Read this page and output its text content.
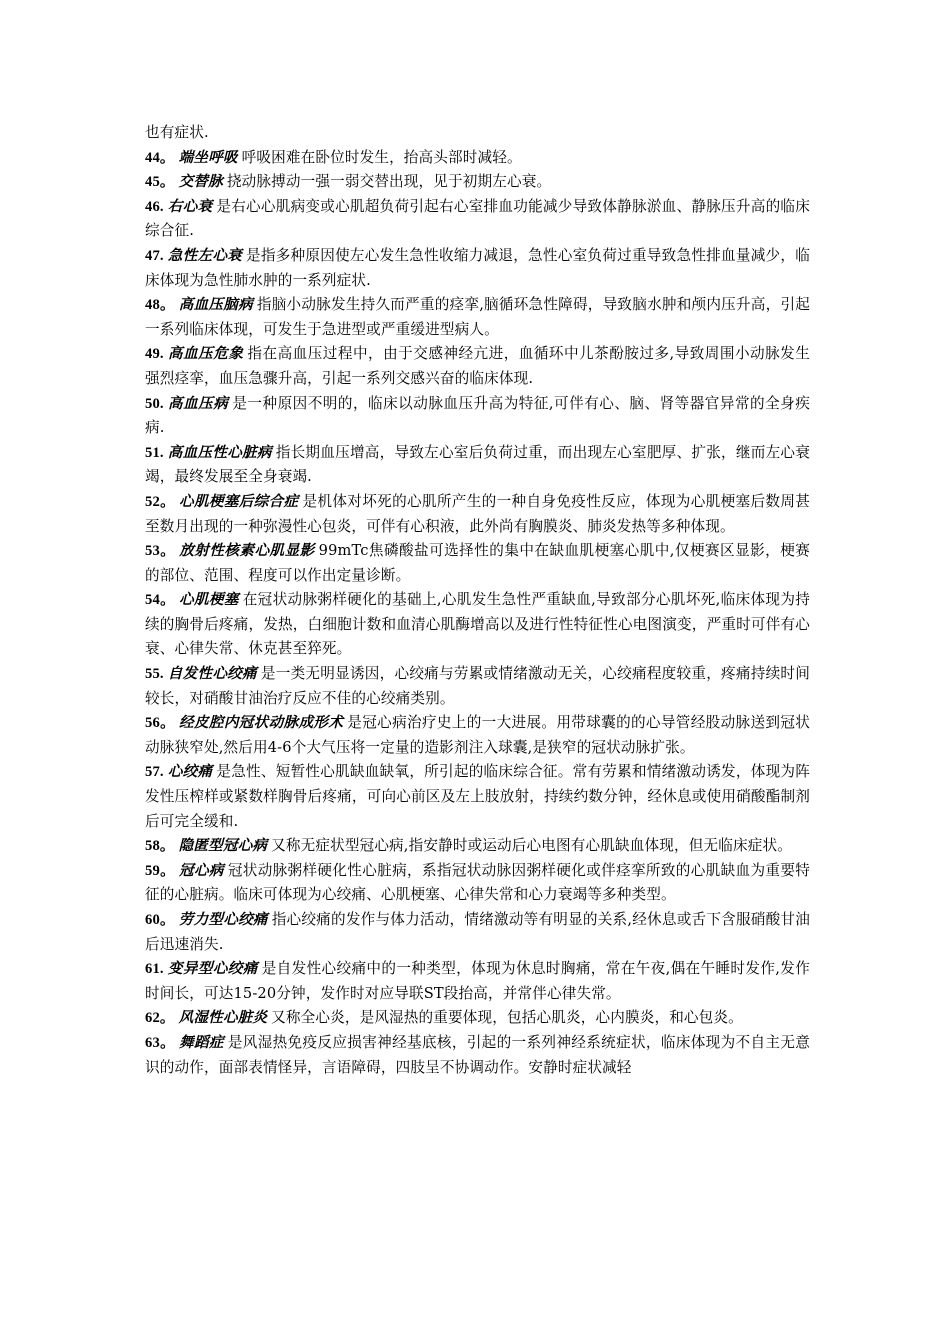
也有症状.

44。 端坐呼吸 呼吸困难在卧位时发生，抬高头部时减轻。

45。 交替脉 挠动脉搏动一强一弱交替出现，见于初期左心衰。

46. 右心衰 是右心心肌病变或心肌超负荷引起右心室排血功能减少导致体静脉淤血、静脉压升高的临床综合征.

47. 急性左心衰 是指多种原因使左心发生急性收缩力减退，急性心室负荷过重导致急性排血量减少，临床体现为急性肺水肿的一系列症状.

48。 高血压脑病 指脑小动脉发生持久而严重的痉挛,脑循环急性障碍，导致脑水肿和颅内压升高，引起一系列临床体现，可发生于急进型或严重缓进型病人。

49. 高血压危象 指在高血压过程中，由于交感神经亢进，血循环中儿茶酚胺过多,导致周围小动脉发生强烈痉挛，血压急骤升高，引起一系列交感兴奋的临床体现.

50. 高血压病 是一种原因不明的，临床以动脉血压升高为特征,可伴有心、脑、肾等器官异常的全身疾病.

51. 高血压性心脏病 指长期血压增高，导致左心室后负荷过重，而出现左心室肥厚、扩张，继而左心衰竭，最终发展至全身衰竭.

52。 心肌梗塞后综合症 是机体对坏死的心肌所产生的一种自身免疫性反应，体现为心肌梗塞后数周甚至数月出现的一种弥漫性心包炎，可伴有心积液，此外尚有胸膜炎、肺炎发热等多种体现。

53。 放射性核素心肌显影 99mTc焦磷酸盐可选择性的集中在缺血肌梗塞心肌中,仅梗赛区显影，梗赛的部位、范围、程度可以作出定量诊断。

54。 心肌梗塞 在冠状动脉粥样硬化的基础上,心肌发生急性严重缺血,导致部分心肌坏死,临床体现为持续的胸骨后疼痛，发热，白细胞计数和血清心肌酶增高以及进行性特征性心电图演变，严重时可伴有心衰、心律失常、休克甚至猝死。

55. 自发性心绞痛 是一类无明显诱因，心绞痛与劳累或情绪激动无关，心绞痛程度较重，疼痛持续时间较长，对硝酸甘油治疗反应不佳的心绞痛类别。

56。 经皮腔内冠状动脉成形术 是冠心病治疗史上的一大进展。用带球囊的的心导管经股动脉送到冠状动脉狭窄处,然后用4-6个大气压将一定量的造影剂注入球囊,是狭窄的冠状动脉扩张。

57. 心绞痛 是急性、短暂性心肌缺血缺氧，所引起的临床综合征。常有劳累和情绪激动诱发，体现为阵发性压榨样或紧数样胸骨后疼痛，可向心前区及左上肢放射，持续约数分钟，经休息或使用硝酸酯制剂后可完全缓和.

58。 隐匿型冠心病 又称无症状型冠心病,指安静时或运动后心电图有心肌缺血体现，但无临床症状。

59。 冠心病 冠状动脉粥样硬化性心脏病，系指冠状动脉因粥样硬化或伴痉挛所致的心肌缺血为重要特征的心脏病。临床可体现为心绞痛、心肌梗塞、心律失常和心力衰竭等多种类型。

60。 劳力型心绞痛 指心绞痛的发作与体力活动，情绪激动等有明显的关系,经休息或舌下含服硝酸甘油后迅速消失.

61. 变异型心绞痛 是自发性心绞痛中的一种类型，体现为休息时胸痛，常在午夜,偶在午睡时发作,发作时间长，可达15-20分钟，发作时对应导联ST段抬高，并常伴心律失常。

62。 风湿性心脏炎 又称全心炎，是风湿热的重要体现，包括心肌炎，心内膜炎，和心包炎。

63。 舞蹈症 是风湿热免疫反应损害神经基底核，引起的一系列神经系统症状，临床体现为不自主无意识的动作，面部表情怪异，言语障碍，四肢呈不协调动作。安静时症状减轻
